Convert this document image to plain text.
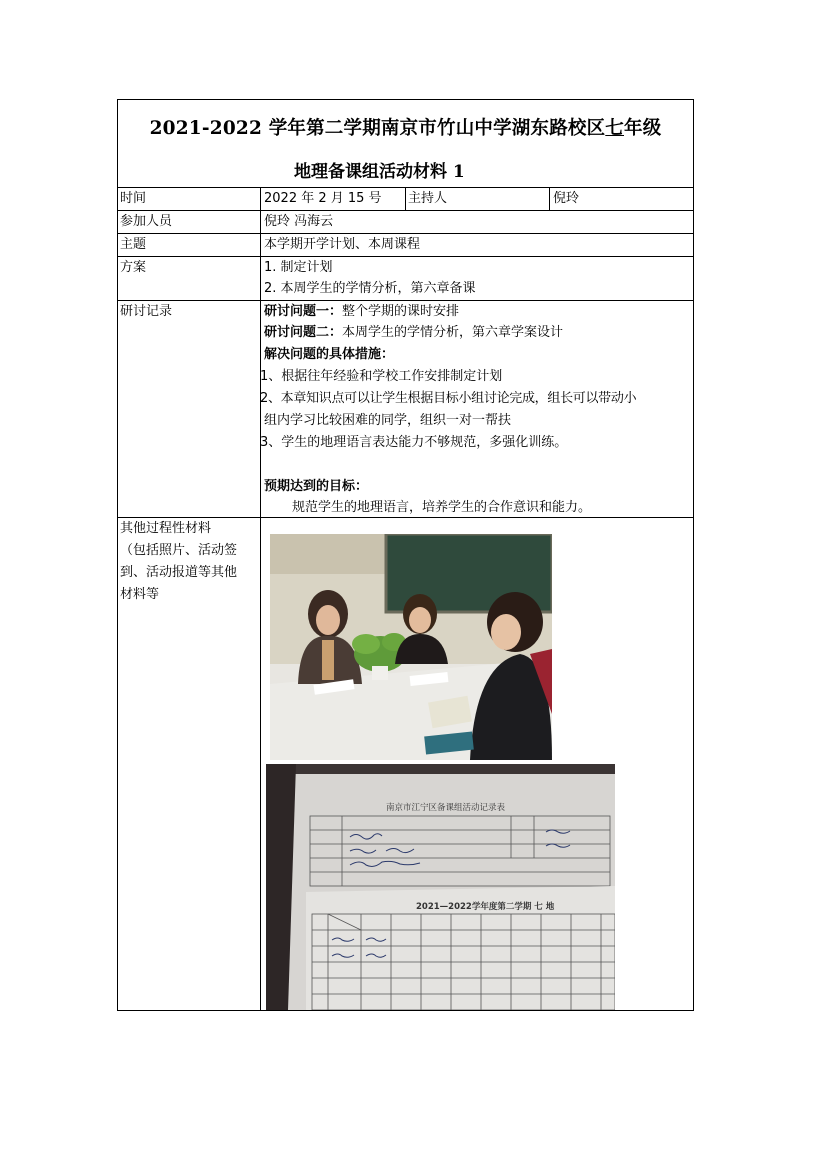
2021-2022 学年第二学期南京市竹山中学湖东路校区七年级
地理备课组活动材料 1
时间	2022 年 2 月 15 号 主持人	倪玲
参加人员	倪玲 冯海云
主题	本学期开学计划、本周课程
方案	1. 制定计划
2. 本周学生的学情分析，第六章备课
研讨记录	研讨问题一：整个学期的课时安排
研讨问题二：本周学生的学情分析，第六章学案设计
解决问题的具体措施：
1、根据往年经验和学校工作安排制定计划
2、本章知识点可以让学生根据目标小组讨论完成，组长可以带动小
组内学习比较困难的同学，组织一对一帮扶
3、学生的地理语言表达能力不够规范，多强化训练。
预期达到的目标：
规范学生的地理语言，培养学生的合作意识和能力。
其他过程性材料
（包括照片、活动签
到、活动报道等其他
材料等
南京市江宁区备课组活动记录表
2021—2022学年度第二学期 七 地
